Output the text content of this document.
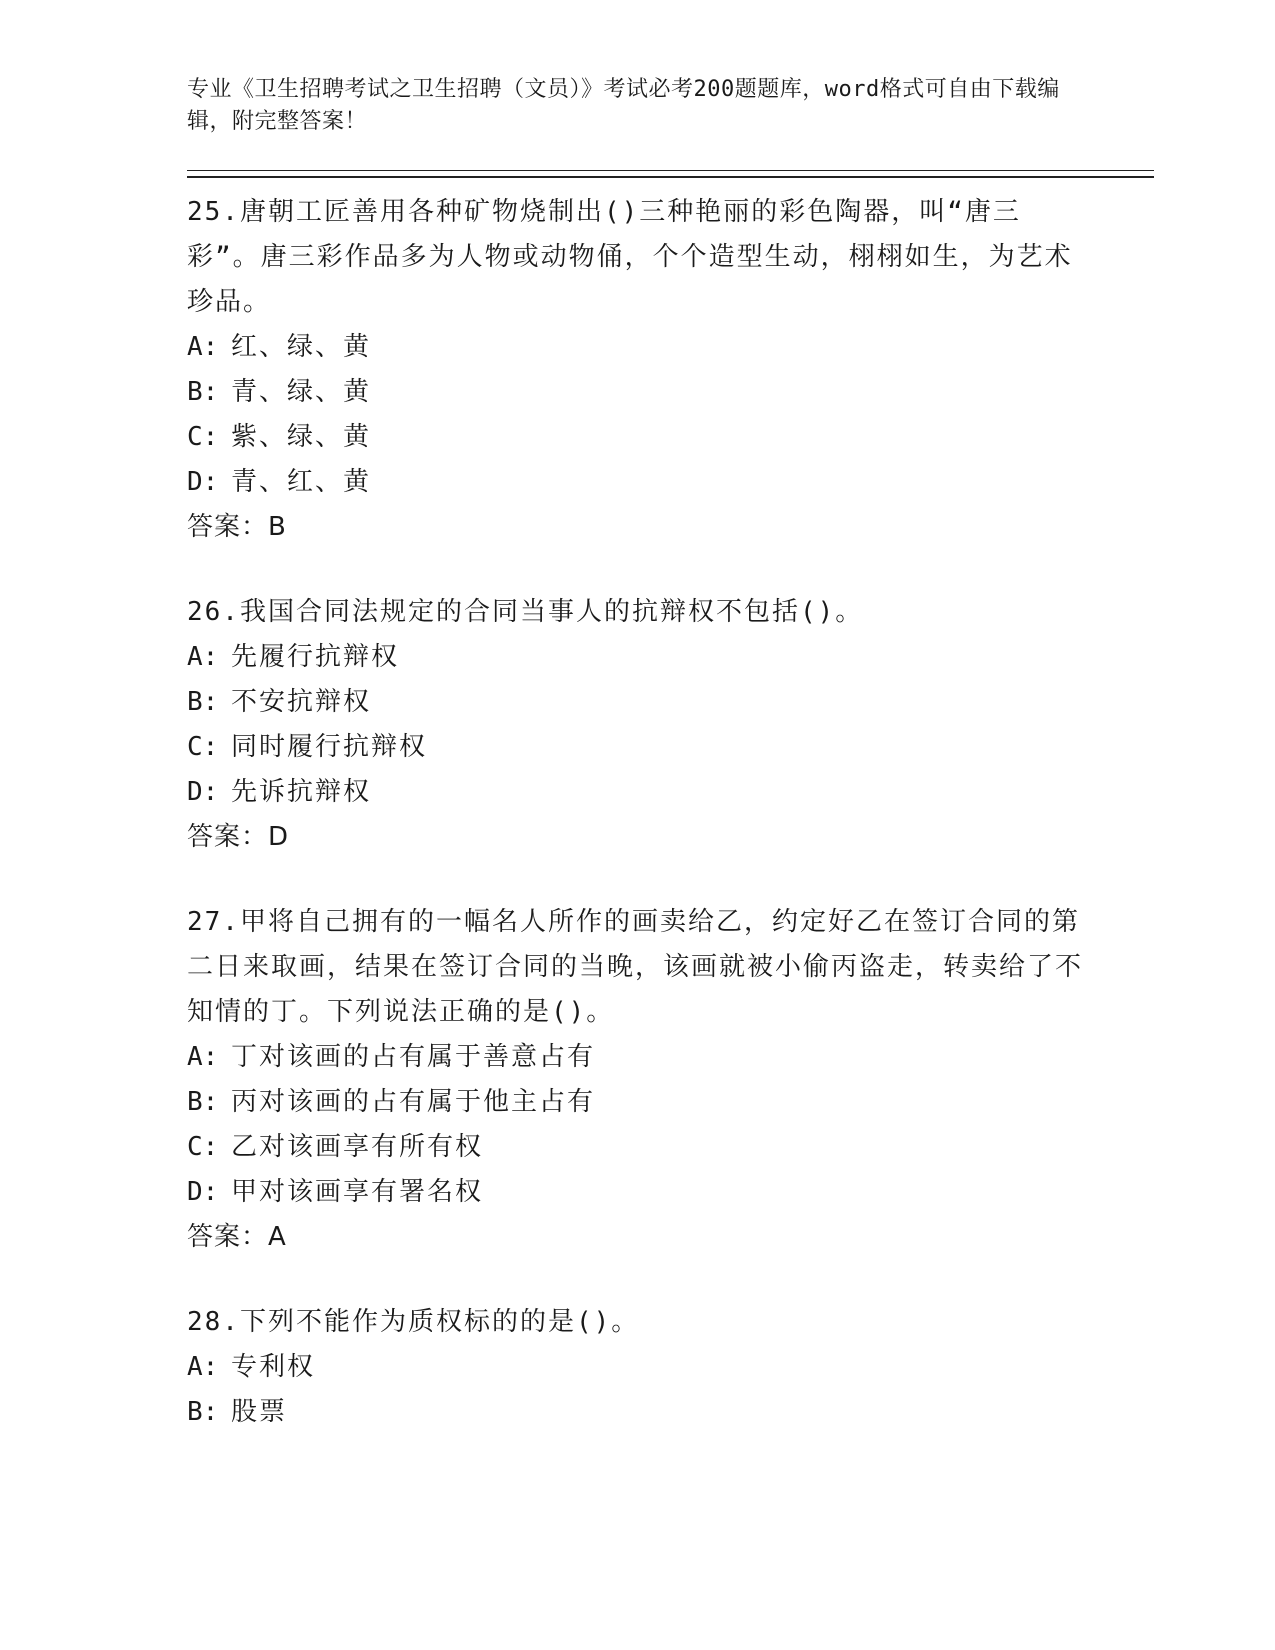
专业《卫生招聘考试之卫生招聘（文员）》考试必考200题题库，word格式可自由下载编辑，附完整答案！

25.唐朝工匠善用各种矿物烧制出()三种艳丽的彩色陶器，叫“唐三彩”。唐三彩作品多为人物或动物俑，个个造型生动，栩栩如生，为艺术珍品。

A: 红、绿、黄
B: 青、绿、黄
C: 紫、绿、黄
D: 青、红、黄
答案：B

26.我国合同法规定的合同当事人的抗辩权不包括()。

A: 先履行抗辩权
B: 不安抗辩权
C: 同时履行抗辩权
D: 先诉抗辩权
答案：D

27.甲将自己拥有的一幅名人所作的画卖给乙，约定好乙在签订合同的第二日来取画，结果在签订合同的当晚，该画就被小偷丙盗走，转卖给了不知情的丁。下列说法正确的是()。

A: 丁对该画的占有属于善意占有
B: 丙对该画的占有属于他主占有
C: 乙对该画享有所有权
D: 甲对该画享有署名权
答案：A

28.下列不能作为质权标的的是()。

A: 专利权
B: 股票
